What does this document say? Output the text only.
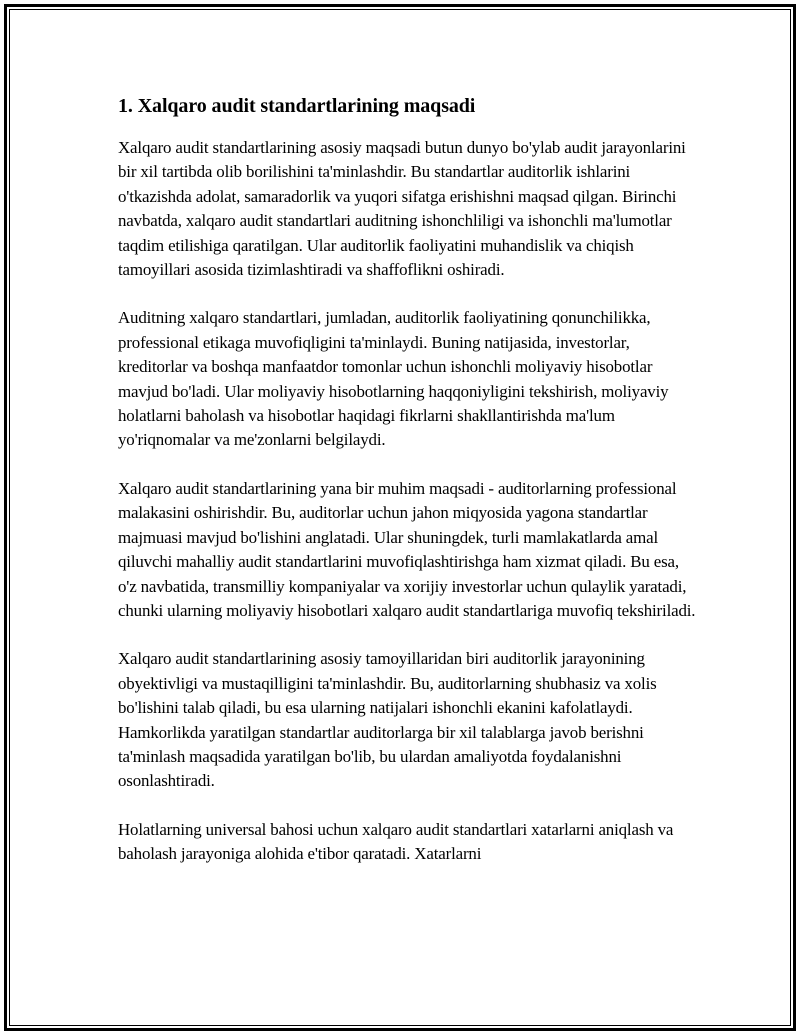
1. Xalqaro audit standartlarining maqsadi

Xalqaro audit standartlarining asosiy maqsadi butun dunyo bo'ylab audit jarayonlarini bir xil tartibda olib borilishini ta'minlashdir. Bu standartlar auditorlik ishlarini o'tkazishda adolat, samaradorlik va yuqori sifatga erishishni maqsad qilgan. Birinchi navbatda, xalqaro audit standartlari auditning ishonchliligi va ishonchli ma'lumotlar taqdim etilishiga qaratilgan. Ular auditorlik faoliyatini muhandislik va chiqish tamoyillari asosida tizimlashtiradi va shaffoflikni oshiradi.

Auditning xalqaro standartlari, jumladan, auditorlik faoliyatining qonunchilikka, professional etikaga muvofiqligini ta'minlaydi. Buning natijasida, investorlar, kreditorlar va boshqa manfaatdor tomonlar uchun ishonchli moliyaviy hisobotlar mavjud bo'ladi. Ular moliyaviy hisobotlarning haqqoniyligini tekshirish, moliyaviy holatlarni baholash va hisobotlar haqidagi fikrlarni shakllantirishda ma'lum yo'riqnomalar va me'zonlarni belgilaydi.

Xalqaro audit standartlarining yana bir muhim maqsadi - auditorlarning professional malakasini oshirishdir. Bu, auditorlar uchun jahon miqyosida yagona standartlar majmuasi mavjud bo'lishini anglatadi. Ular shuningdek, turli mamlakatlarda amal qiluvchi mahalliy audit standartlarini muvofiqlashtirishga ham xizmat qiladi. Bu esa, o'z navbatida, transmilliy kompaniyalar va xorijiy investorlar uchun qulaylik yaratadi, chunki ularning moliyaviy hisobotlari xalqaro audit standartlariga muvofiq tekshiriladi.

Xalqaro audit standartlarining asosiy tamoyillaridan biri auditorlik jarayonining obyektivligi va mustaqilligini ta'minlashdir. Bu, auditorlarning shubhasiz va xolis bo'lishini talab qiladi, bu esa ularning natijalari ishonchli ekanini kafolatlaydi. Hamkorlikda yaratilgan standartlar auditorlarga bir xil talablarga javob berishni ta'minlash maqsadida yaratilgan bo'lib, bu ulardan amaliyotda foydalanishni osonlashtiradi.

Holatlarning universal bahosi uchun xalqaro audit standartlari xatarlarni aniqlash va baholash jarayoniga alohida e'tibor qaratadi. Xatarlarni
